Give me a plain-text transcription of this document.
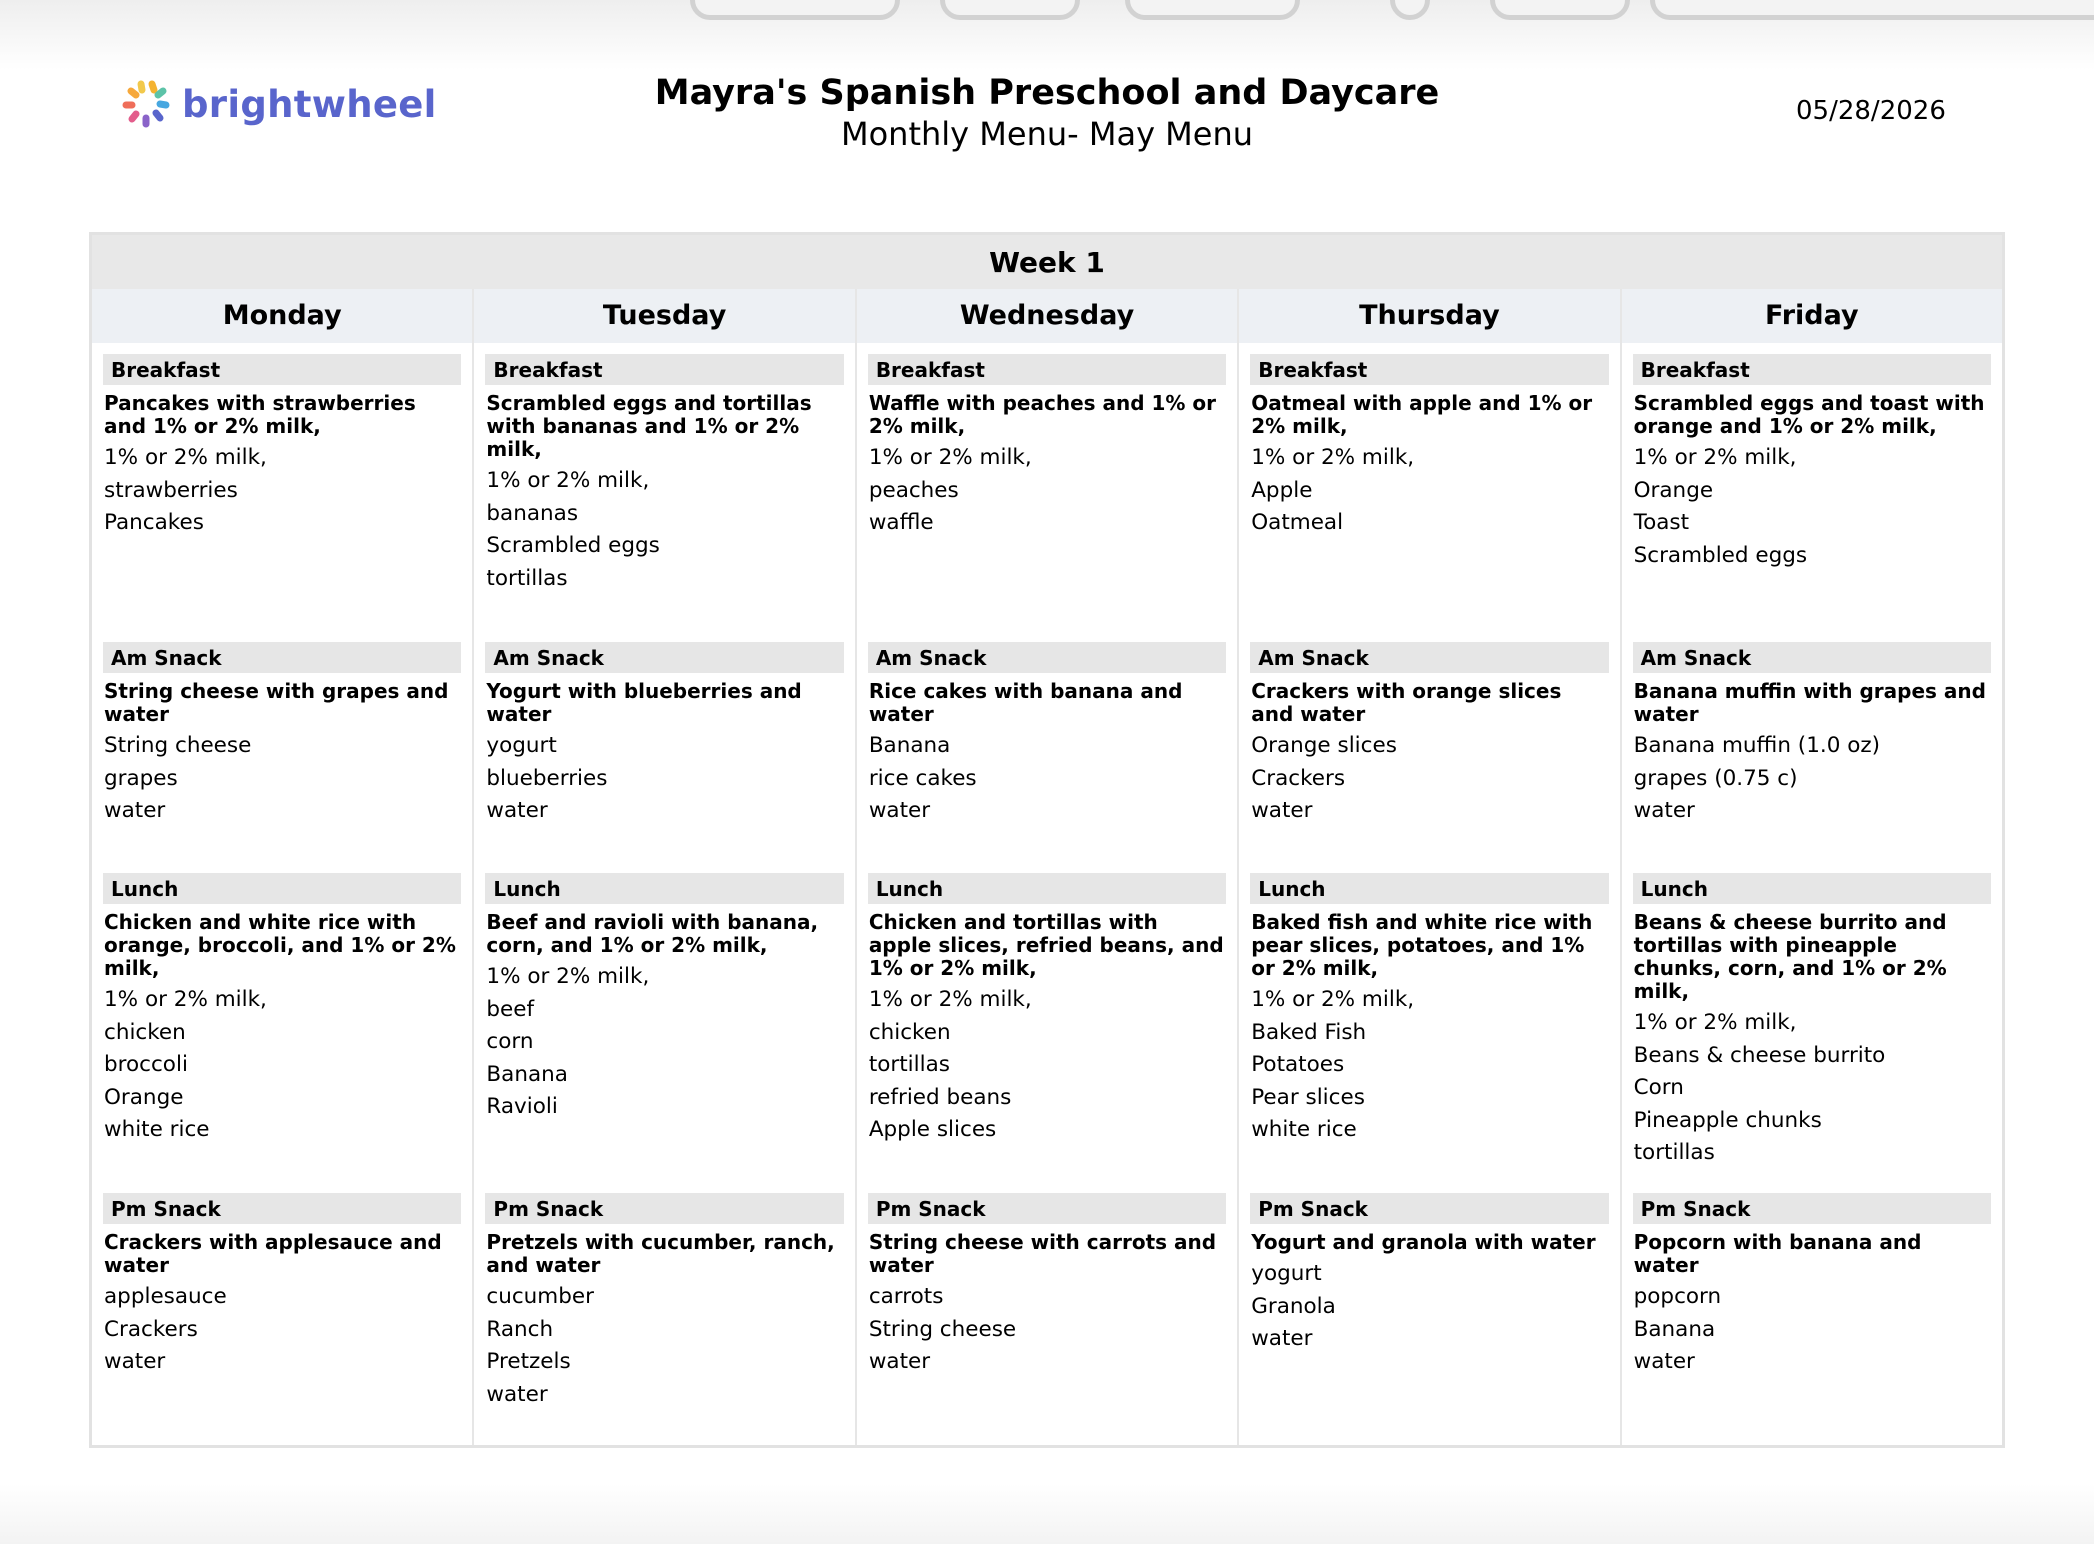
brightwheel	Mayra's Spanish Preschool and Daycare
Monthly Menu- May Menu
05/28/2026
Week 1
Monday
Breakfast
Pancakes with strawberries and 1% or 2% milk,
1% or 2% milk,
strawberries
Pancakes
Am Snack
String cheese with grapes and water
String cheese
grapes
water
Lunch
Chicken and white rice with orange, broccoli, and 1% or 2% milk,
1% or 2% milk,
chicken
broccoli
Orange
white rice
Pm Snack
Crackers with applesauce and water
applesauce
Crackers
water
Tuesday
Breakfast
Scrambled eggs and tortillas with bananas and 1% or 2% milk,
1% or 2% milk,
bananas
Scrambled eggs
tortillas
Am Snack
Yogurt with blueberries and water
yogurt
blueberries
water
Lunch
Beef and ravioli with banana, corn, and 1% or 2% milk,
1% or 2% milk,
beef
corn
Banana
Ravioli
Pm Snack
Pretzels with cucumber, ranch, and water
cucumber
Ranch
Pretzels
water
Wednesday
Breakfast
Waffle with peaches and 1% or 2% milk,
1% or 2% milk,
peaches
waffle
Am Snack
Rice cakes with banana and water
Banana
rice cakes
water
Lunch
Chicken and tortillas with apple slices, refried beans, and 1% or 2% milk,
1% or 2% milk,
chicken
tortillas
refried beans
Apple slices
Pm Snack
String cheese with carrots and water
carrots
String cheese
water
Thursday
Breakfast
Oatmeal with apple and 1% or 2% milk,
1% or 2% milk,
Apple
Oatmeal
Am Snack
Crackers with orange slices and water
Orange slices
Crackers
water
Lunch
Baked fish and white rice with pear slices, potatoes, and 1% or 2% milk,
1% or 2% milk,
Baked Fish
Potatoes
Pear slices
white rice
Pm Snack
Yogurt and granola with water
yogurt
Granola
water
Friday
Breakfast
Scrambled eggs and toast with orange and 1% or 2% milk,
1% or 2% milk,
Orange
Toast
Scrambled eggs
Am Snack
Banana muffin with grapes and water
Banana muffin (1.0 oz)
grapes (0.75 c)
water
Lunch
Beans & cheese burrito and tortillas with pineapple chunks, corn, and 1% or 2% milk,
1% or 2% milk,
Beans & cheese burrito
Corn
Pineapple chunks
tortillas
Pm Snack
Popcorn with banana and water
popcorn
Banana
water
